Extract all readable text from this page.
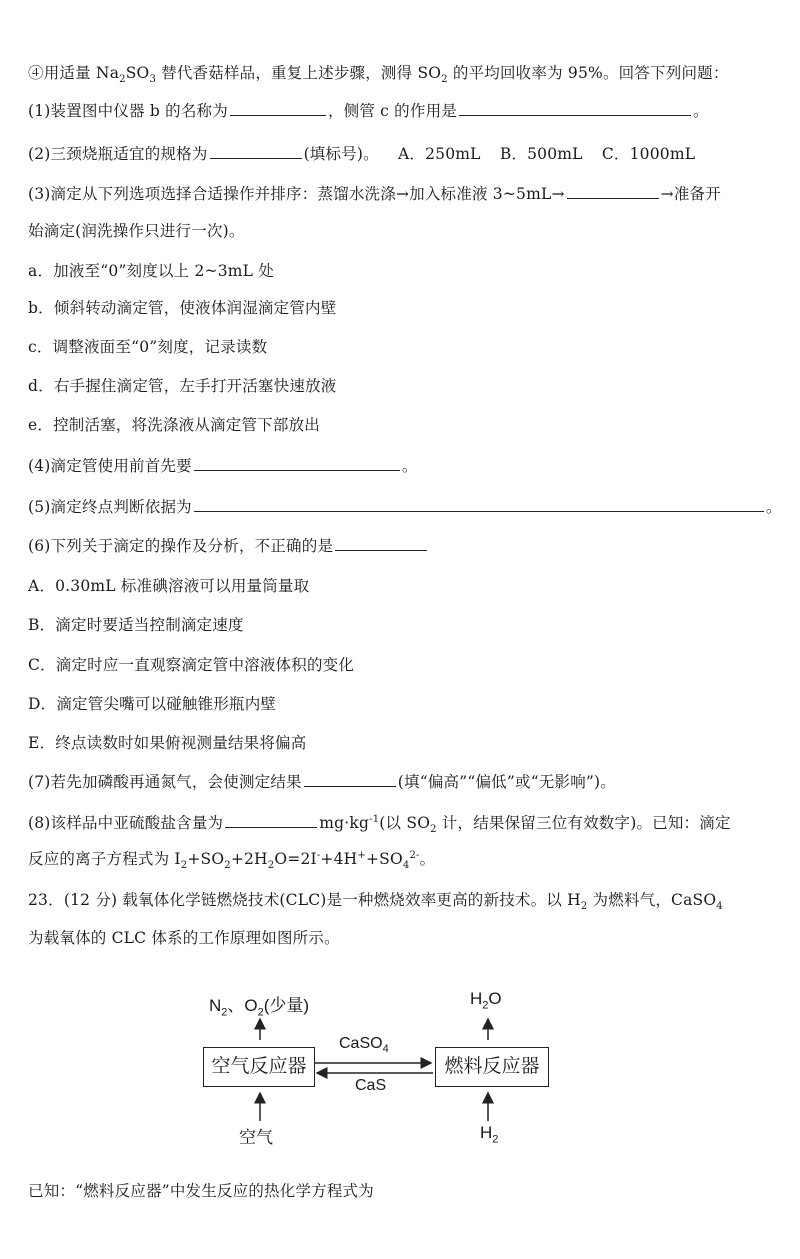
④用适量 $Na_2SO_3$ 替代香菇样品，重复上述步骤，测得 $SO_2$ 的平均回收率为 95%。回答下列问题：
(1)装置图中仪器 b 的名称为	，侧管 c 的作用是	。
(2)三颈烧瓶适宜的规格为	(填标号)。 A．250mL B．500mL C．1000mL
(3)滴定从下列选项选择合适操作并排序：蒸馏水洗涤→加入标准液 3~5mL→	→准备开
始滴定(润洗操作只进行一次)。
a．加液至“0”刻度以上 2~3mL 处
b．倾斜转动滴定管，使液体润湿滴定管内壁
c．调整液面至“0”刻度，记录读数
d．右手握住滴定管，左手打开活塞快速放液
e．控制活塞，将洗涤液从滴定管下部放出
(4)滴定管使用前首先要	。
(5)滴定终点判断依据为	。
(6)下列关于滴定的操作及分析，不正确的是
A．0.30mL 标准碘溶液可以用量筒量取
B．滴定时要适当控制滴定速度
C．滴定时应一直观察滴定管中溶液体积的变化
D．滴定管尖嘴可以碰触锥形瓶内壁
E．终点读数时如果俯视测量结果将偏高
(7)若先加磷酸再通氮气，会使测定结果	(填“偏高”“偏低”或“无影响”)。
(8)该样品中亚硫酸盐含量为	$mg\cdot kg^{-1}$(以 $SO_2$ 计，结果保留三位有效数字)。已知：滴定
反应的离子方程式为 $I_2+SO_2+2H_2O=2I^-+4H^++SO_4^{2-}$。
23．(12 分) 载氧体化学链燃烧技术(CLC)是一种燃烧效率更高的新技术。以 $H_2$ 为燃料气，CaSO$_4$
为载氧体的 CLC 体系的工作原理如图所示。
空气反应器	燃料反应器
$N_2$、$O_2$(少量)	$H_2O$
CaSO$_4$
CaS
空气	$H_2$
已知：“燃料反应器”中发生反应的热化学方程式为
